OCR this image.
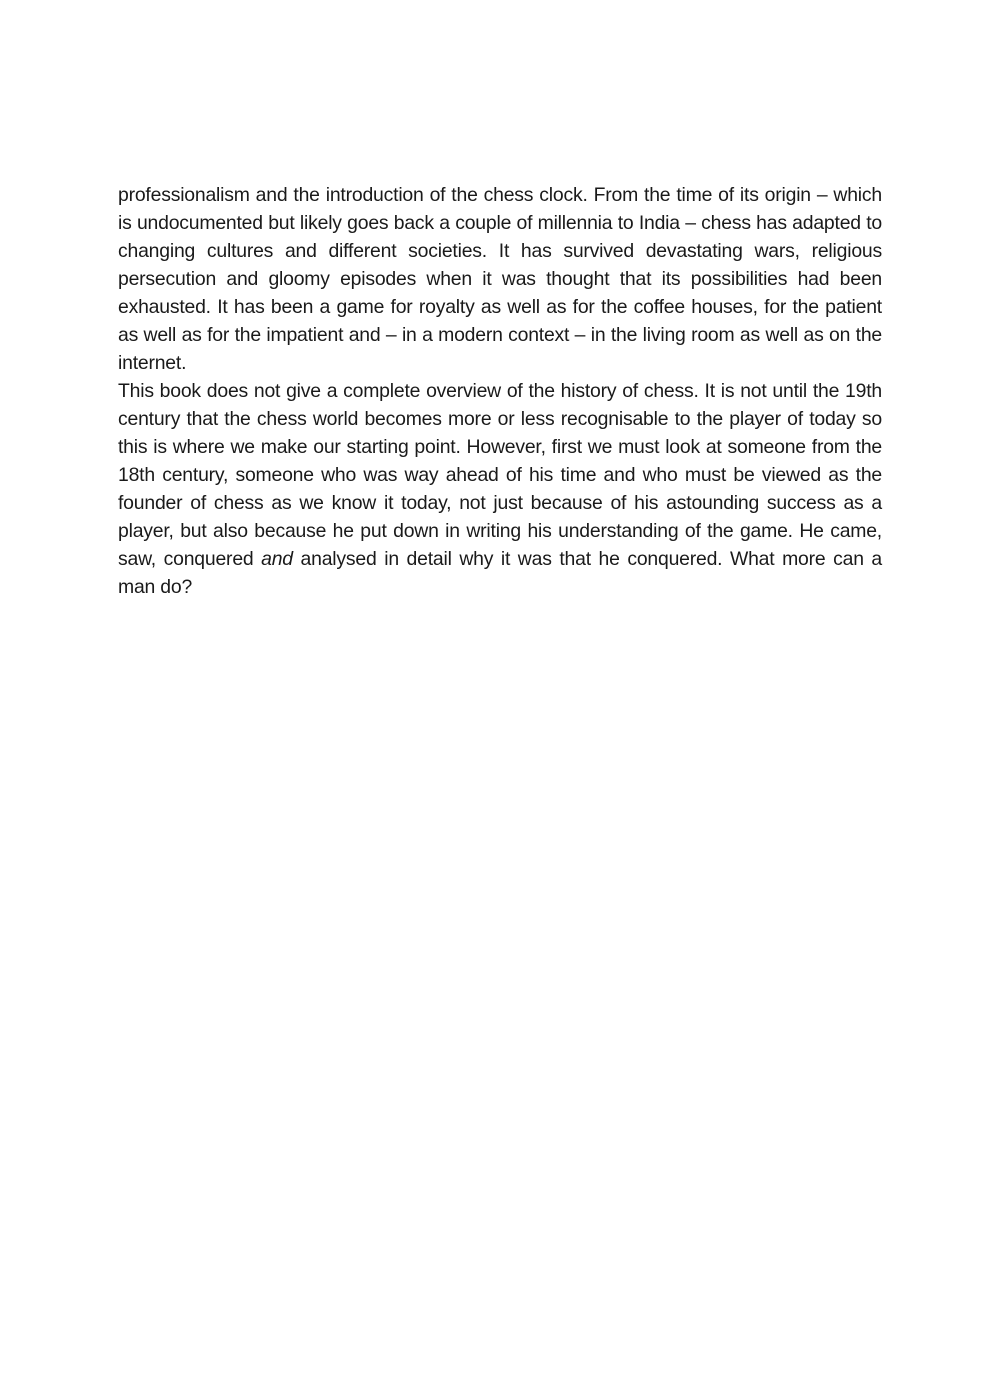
professionalism and the introduction of the chess clock. From the time of its origin – which is undocumented but likely goes back a couple of millennia to India – chess has adapted to changing cultures and different societies. It has survived devastating wars, religious persecution and gloomy episodes when it was thought that its possibilities had been exhausted. It has been a game for royalty as well as for the coffee houses, for the patient as well as for the impatient and – in a modern context – in the living room as well as on the internet.

This book does not give a complete overview of the history of chess. It is not until the 19th century that the chess world becomes more or less recognisable to the player of today so this is where we make our starting point. However, first we must look at someone from the 18th century, someone who was way ahead of his time and who must be viewed as the founder of chess as we know it today, not just because of his astounding success as a player, but also because he put down in writing his understanding of the game. He came, saw, conquered and analysed in detail why it was that he conquered. What more can a man do?
